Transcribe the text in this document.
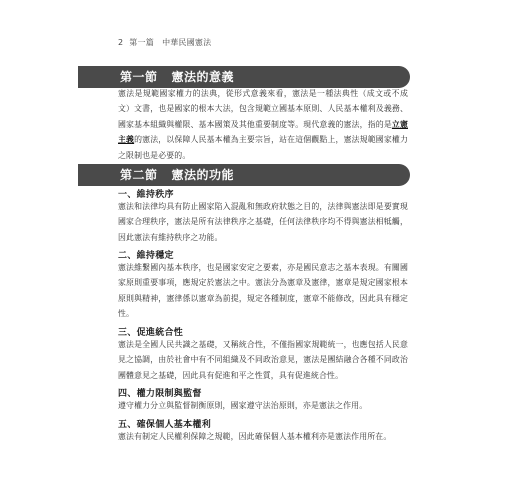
2 第一篇　中華民國憲法
第一節 憲法的意義

憲法是規範國家權力的法典，從形式意義來看，憲法是一種法典性（成文或不成文）文書，也是國家的根本大法，包含規範立國基本原則、人民基本權利及義務、國家基本組織與權限、基本國策及其他重要制度等。現代意義的憲法，指的是立憲主義的憲法，以保障人民基本權為主要宗旨，站在這個觀點上，憲法規範國家權力之限制也是必要的。

第二節 憲法的功能
一、維持秩序

憲法和法律均具有防止國家陷入混亂和無政府狀態之目的，法律與憲法即是要實現國家合理秩序，憲法是所有法律秩序之基礎，任何法律秩序均不得與憲法相牴觸，因此憲法有維持秩序之功能。

二、維持穩定

憲法維繫國內基本秩序，也是國家安定之要素，亦是國民意志之基本表現。有關國家原則重要事項，應規定於憲法之中。憲法分為憲章及憲律，憲章是規定國家根本原則與精神，憲律係以憲章為前提，規定各種制度，憲章不能修改，因此具有穩定性。

三、促進統合性

憲法是全國人民共識之基礎，又稱統合性，不僅指國家規範統一，也應包括人民意見之協調，由於社會中有不同組織及不同政治意見，憲法是團結融合各種不同政治團體意見之基礎，因此具有促進和平之性質，具有促進統合性。

四、權力限制與監督

遵守權力分立與監督制衡原則，國家遵守法治原則，亦是憲法之作用。

五、確保個人基本權利

憲法有制定人民權利保障之規範，因此確保個人基本權利亦是憲法作用所在。
